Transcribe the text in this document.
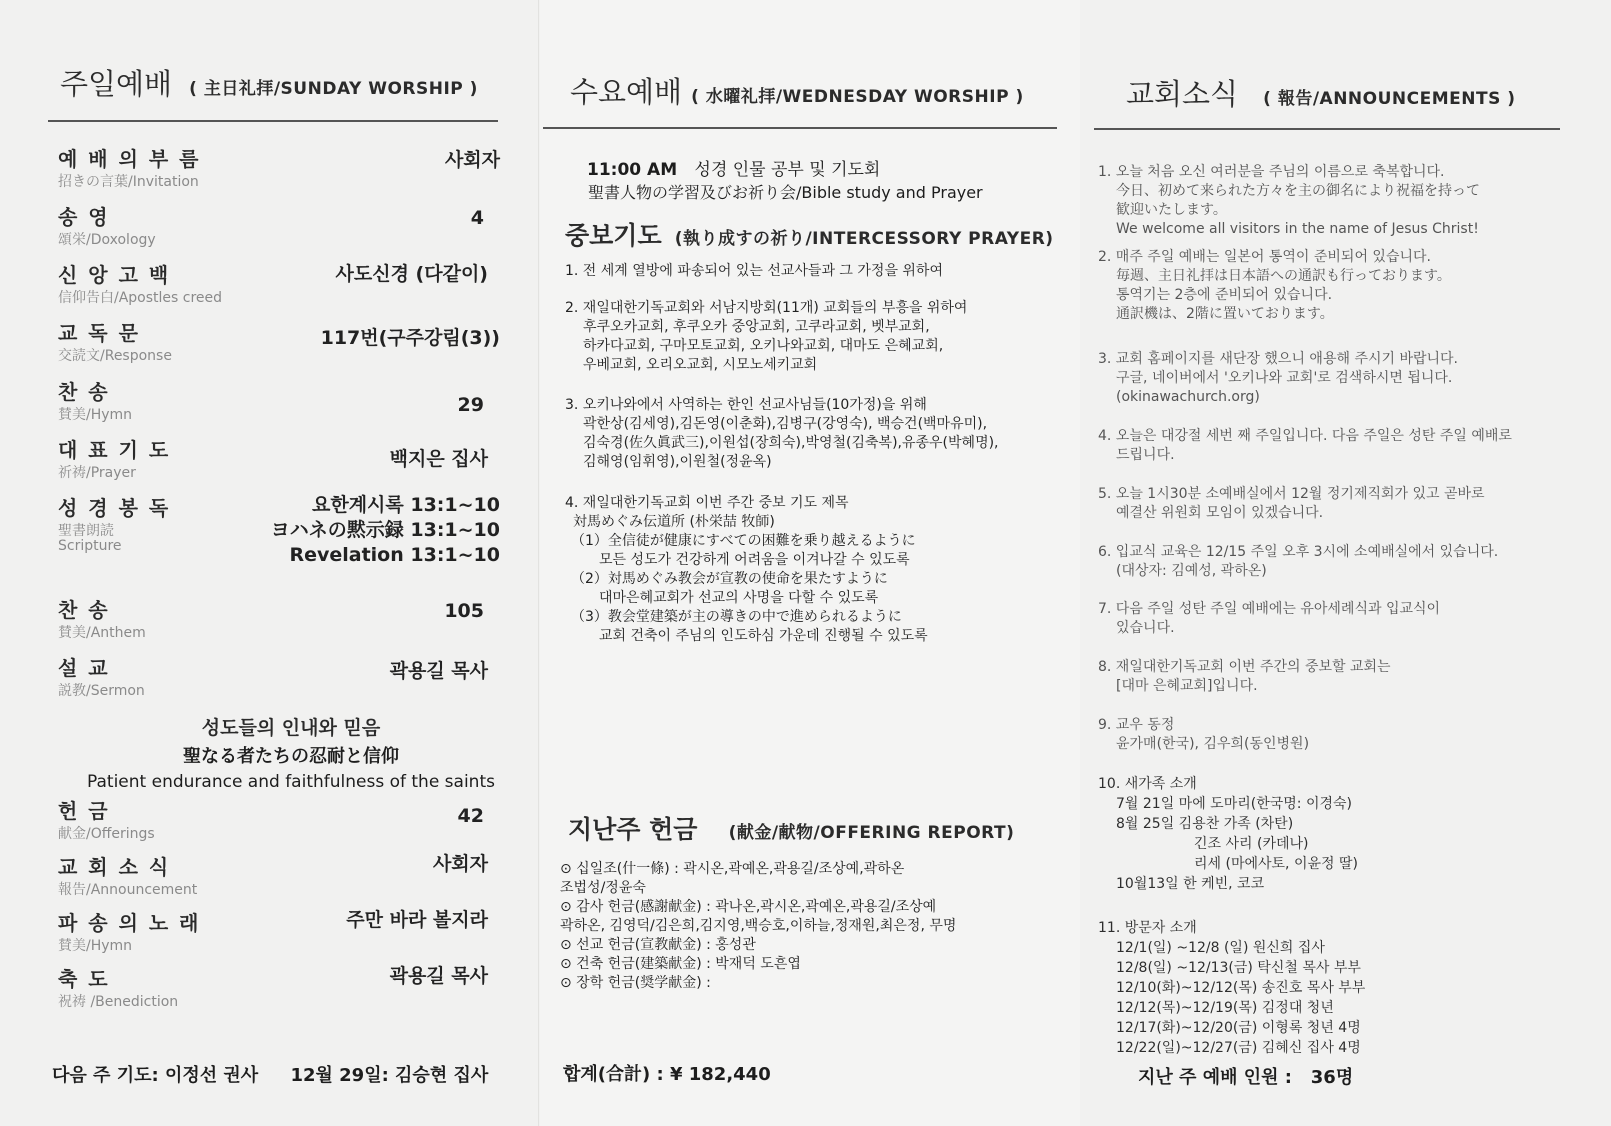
주일예배 ( 主日礼拝/SUNDAY WORSHIP )
예 배 의 부 름
招きの言葉/Invitation
사회자
송 영
頌栄/Doxology
4
신 앙 고 백
信仰告白/Apostles creed
사도신경 (다같이)
교 독 문
交読文/Response
117번(구주강림(3))
찬 송
賛美/Hymn	29
대 표 기 도
祈祷/Prayer
백지은 집사
성 경 봉 독
聖書朗読
Scripture
요한계시록 13:1~10
ヨハネの黙示録 13:1~10
Revelation 13:1~10
찬 송
賛美/Anthem
105
설 교
説教/Sermon
곽용길 목사
성도들의 인내와 믿음
聖なる者たちの忍耐と信仰
Patient endurance and faithfulness of the saints
헌 금
献金/Offerings
42
교 회 소 식
報告/Announcement
사회자
파 송 의 노 래
賛美/Hymn
주만 바라 볼지라
축 도
祝祷 /Benediction
곽용길 목사
다음 주 기도: 이정선 권사 12월 29일: 김승현 집사
수요예배 ( 水曜礼拝/WEDNESDAY WORSHIP )
11:00 AM 성경 인물 공부 및 기도회
聖書人物の学習及びお祈り会/Bible study and Prayer
중보기도 (執り成すの祈り/INTERCESSORY PRAYER)
1. 전 세계 열방에 파송되어 있는 선교사들과 그 가정을 위하여
2. 재일대한기독교회와 서남지방회(11개) 교회들의 부흥을 위하여
후쿠오카교회, 후쿠오카 중앙교회, 고쿠라교회, 벳부교회,
하카다교회, 구마모토교회, 오키나와교회, 대마도 은혜교회,
우베교회, 오리오교회, 시모노세키교회
3. 오키나와에서 사역하는 한인 선교사님들(10가정)을 위해
곽한상(김세영),김돈영(이춘화),김병구(강영숙), 백승건(백마유미),
김숙경(佐久眞武三),이원섭(장희숙),박영철(김축복),유종우(박혜명),
김해영(임휘영),이원철(정윤옥)
4. 재일대한기독교회 이번 주간 중보 기도 제목
対馬めぐみ伝道所 (朴栄喆 牧師)
（1）全信徒が健康にすべての困難を乗り越えるように
모든 성도가 건강하게 어려움을 이겨나갈 수 있도록
（2）対馬めぐみ教会が宣教の使命を果たすように
대마은혜교회가 선교의 사명을 다할 수 있도록
（3）教会堂建築が主の導きの中で進められるように
교회 건축이 주님의 인도하심 가운데 진행될 수 있도록
지난주 헌금 (献金/献物/OFFERING REPORT)
⊙ 십일조(什一條) : 곽시온,곽예온,곽용길/조상예,곽하온
조법성/정윤숙
⊙ 감사 헌금(感謝献金) : 곽나온,곽시온,곽예온,곽용길/조상예
곽하온, 김영덕/김은희,김지영,백승호,이하늘,정재원,최은정, 무명
⊙ 선교 헌금(宣教献金) : 홍성관
⊙ 건축 헌금(建築献金) : 박재덕 도흔엽
⊙ 장학 헌금(奨学献金) :
합계(合計) : ¥ 182,440
교회소식 ( 報告/ANNOUNCEMENTS )
1. 오늘 처음 오신 여러분을 주님의 이름으로 축복합니다.
今日、初めて来られた方々を主の御名により祝福を持って
歓迎いたします。
We welcome all visitors in the name of Jesus Christ!
2. 매주 주일 예배는 일본어 통역이 준비되어 있습니다.
毎週、主日礼拝は日本語への通訳も行っております。
통역기는 2층에 준비되어 있습니다.
通訳機は、2階に置いております。
3. 교회 홈페이지를 새단장 했으니 애용해 주시기 바랍니다.
구글, 네이버에서 '오키나와 교회'로 검색하시면 됩니다.
(okinawachurch.org)
4. 오늘은 대강절 세번 째 주일입니다. 다음 주일은 성탄 주일 예배로
드립니다.
5. 오늘 1시30분 소예배실에서 12월 정기제직회가 있고 곧바로
예결산 위원회 모임이 있겠습니다.
6. 입교식 교육은 12/15 주일 오후 3시에 소예배실에서 있습니다.
(대상자: 김예성, 곽하온)
7. 다음 주일 성탄 주일 예배에는 유아세례식과 입교식이
있습니다.
8. 재일대한기독교회 이번 주간의 중보할 교회는
[대마 은혜교회]입니다.
9. 교우 동정
윤가매(한국), 김우희(동인병원)
10. 새가족 소개
7월 21일 마에 도마리(한국명: 이경숙)
8월 25일 김용찬 가족 (차탄)
긴조 사리 (카데나)
리세 (마에사토, 이윤정 딸)
10월13일 한 케빈, 코코
11. 방문자 소개
12/1(일) ~12/8 (일) 원신희 집사
12/8(일) ~12/13(금) 탁신철 목사 부부
12/10(화)~12/12(목) 송진호 목사 부부
12/12(목)~12/19(목) 김정대 청년
12/17(화)~12/20(금) 이형록 청년 4명
12/22(일)~12/27(금) 김혜신 집사 4명
지난 주 예배 인원 :   36명
